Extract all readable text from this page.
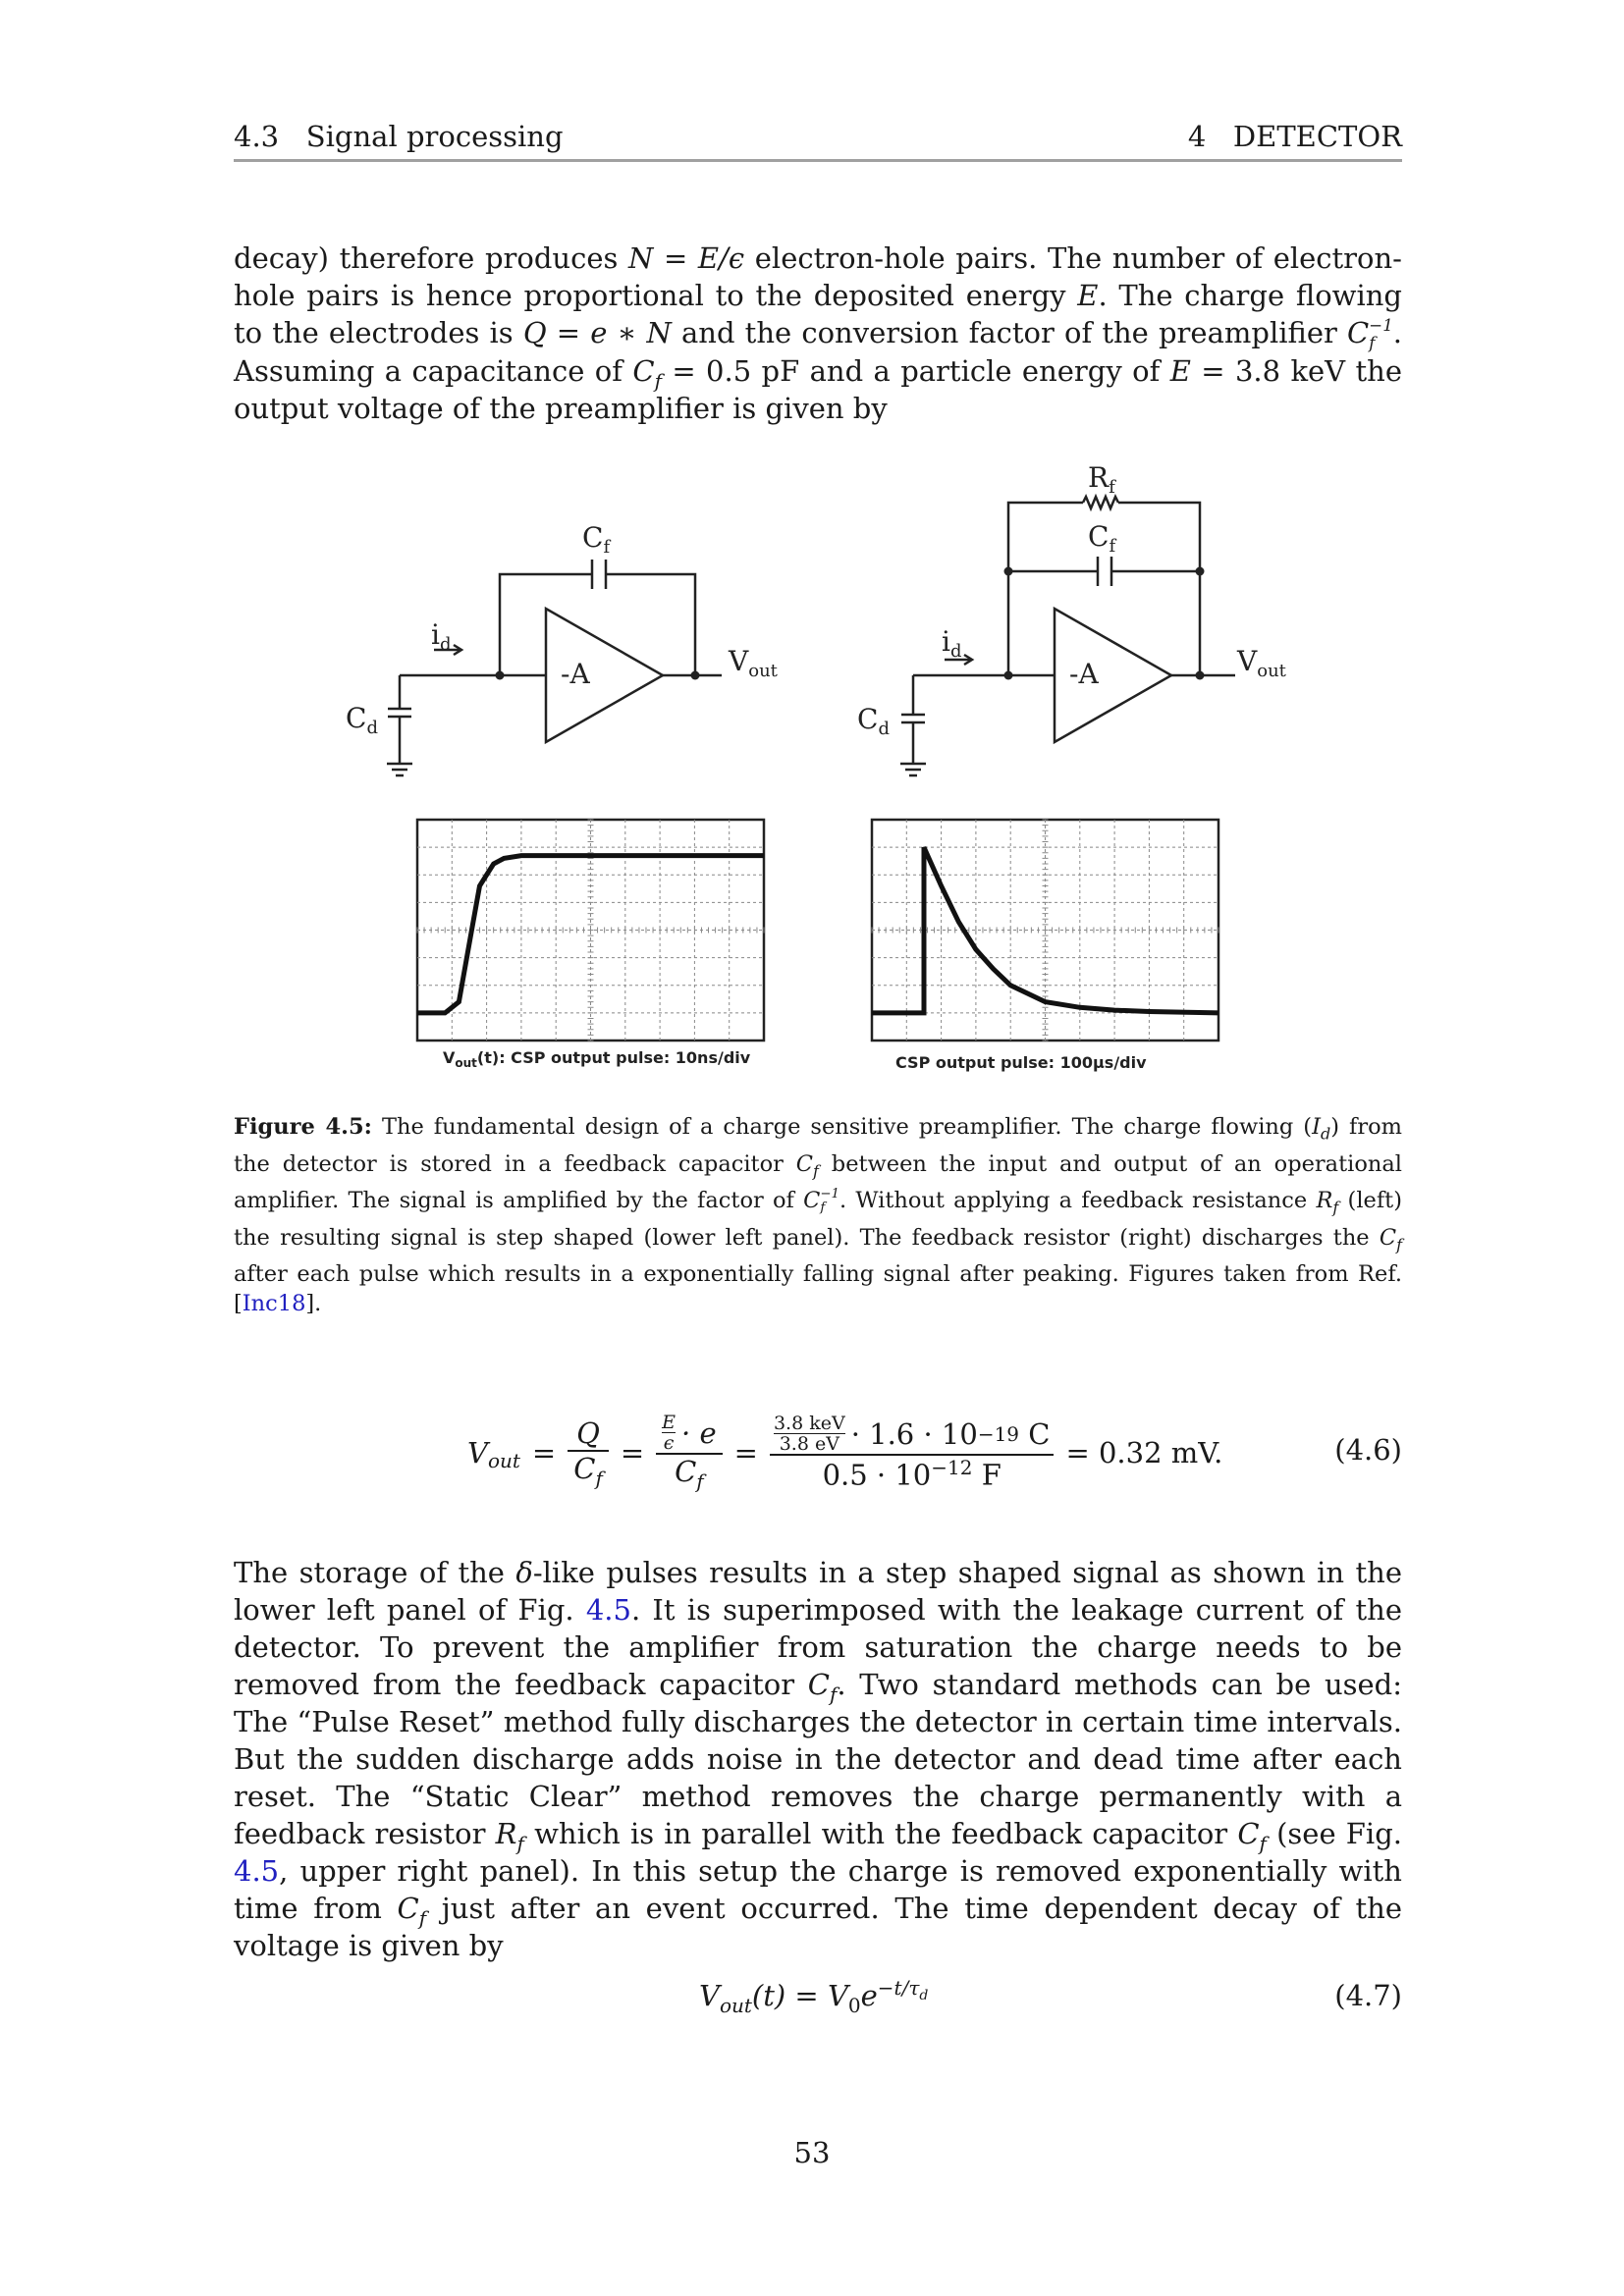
4.3   Signal processing	4   DETECTOR

decay) therefore produces N = E/ϵ electron-hole pairs. The number of electron-hole pairs is hence proportional to the deposited energy E. The charge flowing to the electrodes is Q = e ∗ N and the conversion factor of the preamplifier C −1
f . Assuming a capacitance of $C_f = 0.5$ pF and a particle energy of E = 3.8 keV the output voltage of the preamplifier is given by

$C_f$
$i_d$
-A	$V_{out}$
$C_d$
$R_f$
$C_f$
$i_d$
-A	$V_{out}$
$C_d$
$V_{out}(t)$: CSP output pulse: 10ns/div	CSP output pulse: 100µs/div
Figure 4.5: The fundamental design of a charge sensitive preamplifier. The charge flowing $(I_d)$ from the detector is stored in a feedback capacitor $C_f$ between the input and output of an operational amplifier. The signal is amplified by the factor of C −1
f . Without applying a feedback resistance $R_f$ (left) the resulting signal is step shaped (lower left panel). The feedback resistor (right) discharges the $C_f$ after each pulse which results in a exponentially falling signal after peaking. Figures taken from Ref. [Inc18].
$V_{out}$ =
Q
$C_f$
=
E
ϵ · e
$C_f$
=
3.8 keV
3.8 eV · 1.6 · 10 −19 C
$0.5 \cdot 10^{-12}$ F
= 0.32 mV.	(4.6)

The storage of the δ-like pulses results in a step shaped signal as shown in the lower left panel of Fig. 4.5. It is superimposed with the leakage current of the detector. To prevent the amplifier from saturation the charge needs to be removed from the feedback capacitor $C_f$. Two standard methods can be used: The “Pulse Reset” method fully discharges the detector in certain time intervals. But the sudden discharge adds noise in the detector and dead time after each reset. The “Static Clear” method removes the charge permanently with a feedback resistor $R_f$ which is in parallel with the feedback capacitor $C_f$ (see Fig. 4.5, upper right panel). In this setup the charge is removed exponentially with time from $C_f$ just after an event occurred. The time dependent decay of the voltage is given by

$V_{out}(t) = V_0e^{-t/\tau_d}$	(4.7)
53
